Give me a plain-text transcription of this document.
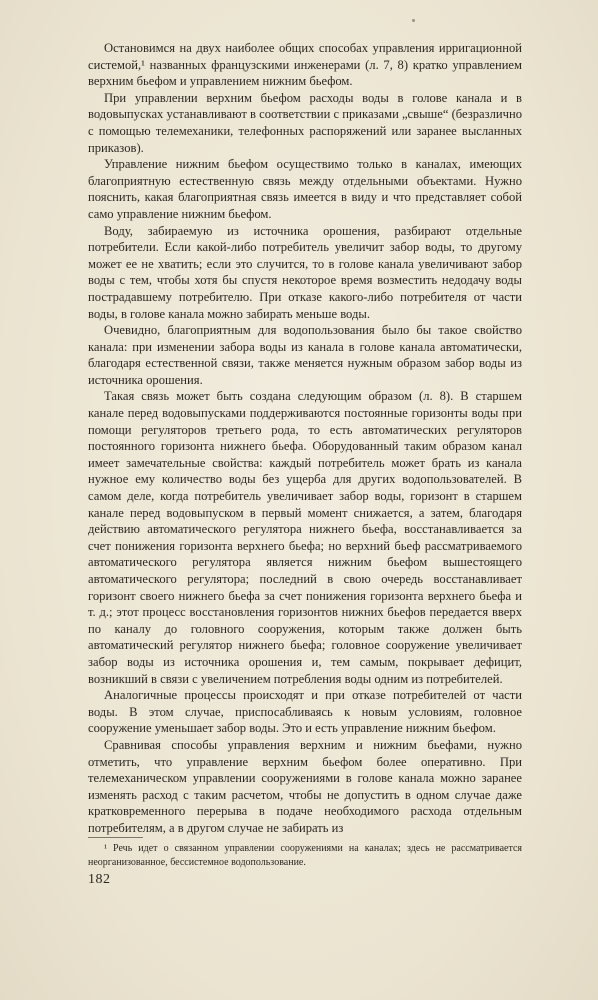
Остановимся на двух наиболее общих способах управления ирригационной системой,¹ названных французскими инженерами (л. 7, 8) кратко управлением верхним бьефом и управлением нижним бьефом.

При управлении верхним бьефом расходы воды в голове канала и в водовыпусках устанавливают в соответствии с приказами „свыше“ (безразлично с помощью телемеханики, телефонных распоряжений или заранее высланных приказов).

Управление нижним бьефом осуществимо только в каналах, имеющих благоприятную естественную связь между отдельными объектами. Нужно пояснить, какая благоприятная связь имеется в виду и что представляет собой само управление нижним бьефом.

Воду, забираемую из источника орошения, разбирают отдельные потребители. Если какой-либо потребитель увеличит забор воды, то другому может ее не хватить; если это случится, то в голове канала увеличивают забор воды с тем, чтобы хотя бы спустя некоторое время возместить недодачу воды пострадавшему потребителю. При отказе какого-либо потребителя от части воды, в голове канала можно забирать меньше воды.

Очевидно, благоприятным для водопользования было бы такое свойство канала: при изменении забора воды из канала в голове канала автоматически, благодаря естественной связи, также меняется нужным образом забор воды из источника орошения.

Такая связь может быть создана следующим образом (л. 8). В старшем канале перед водовыпусками поддерживаются постоянные горизонты воды при помощи регуляторов третьего рода, то есть автоматических регуляторов постоянного горизонта нижнего бьефа. Оборудованный таким образом канал имеет замечательные свойства: каждый потребитель может брать из канала нужное ему количество воды без ущерба для других водопользователей. В самом деле, когда потребитель увеличивает забор воды, горизонт в старшем канале перед водовыпуском в первый момент снижается, а затем, благодаря действию автоматического регулятора нижнего бьефа, восстанавливается за счет понижения горизонта верхнего бьефа; но верхний бьеф рассматриваемого автоматического регулятора является нижним бьефом вышестоящего автоматического регулятора; последний в свою очередь восстанавливает горизонт своего нижнего бьефа за счет понижения горизонта верхнего бьефа и т. д.; этот процесс восстановления горизонтов нижних бьефов передается вверх по каналу до головного сооружения, которым также должен быть автоматический регулятор нижнего бьефа; головное сооружение увеличивает забор воды из источника орошения и, тем самым, покрывает дефицит, возникший в связи с увеличением потребления воды одним из потребителей.

Аналогичные процессы происходят и при отказе потребителей от части воды. В этом случае, приспосабливаясь к новым условиям, головное сооружение уменьшает забор воды. Это и есть управление нижним бьефом.

Сравнивая способы управления верхним и нижним бьефами, нужно отметить, что управление верхним бьефом более оперативно. При телемеханическом управлении сооружениями в голове канала можно заранее изменять расход с таким расчетом, чтобы не допустить в одном случае даже кратковременного перерыва в подаче необходимого расхода отдельным потребителям, а в другом случае не забирать из

¹ Речь идет о связанном управлении сооружениями на каналах; здесь не рассматривается неорганизованное, бессистемное водопользование.

182
